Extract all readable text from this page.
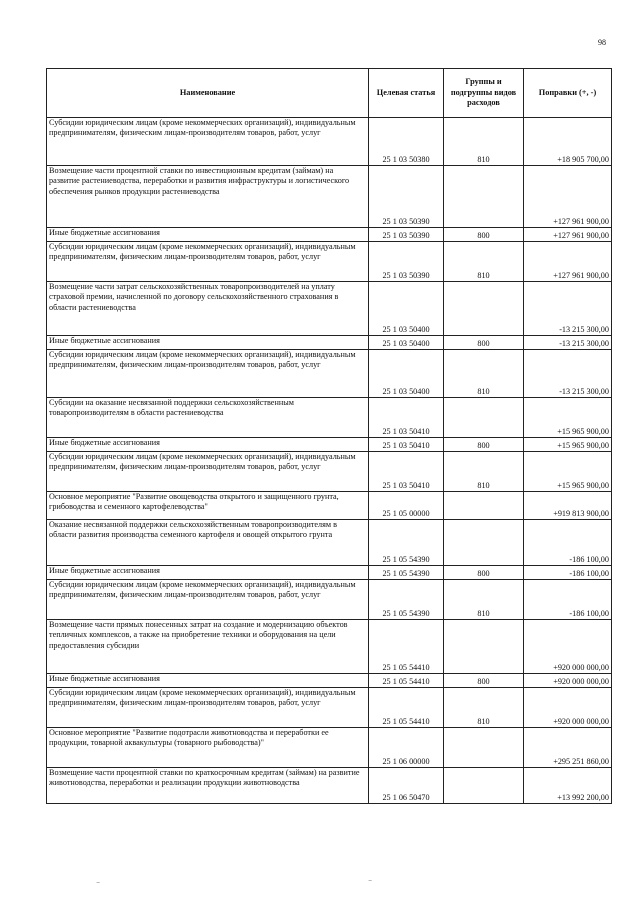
98
Наименование	Целевая статья	Группы и подгруппы видов расходов	Поправки (+, -)
Субсидии юридическим лицам (кроме некоммерческих организаций), индивидуальным предпринимателям, физическим лицам-производителям товаров, работ, услуг	25 1 03 50380	810	+18 905 700,00
Возмещение части процентной ставки по инвестиционным кредитам (займам) на развитие растениеводства, переработки и развития инфраструктуры и логистического обеспечения рынков продукции растениеводства	25 1 03 50390		+127 961 900,00
Иные бюджетные ассигнования	25 1 03 50390	800	+127 961 900,00
Субсидии юридическим лицам (кроме некоммерческих организаций), индивидуальным предпринимателям, физическим лицам-производителям товаров, работ, услуг	25 1 03 50390	810	+127 961 900,00
Возмещение части затрат сельскохозяйственных товаропроизводителей на уплату страховой премии, начисленной по договору сельскохозяйственного страхования в области растениеводства	25 1 03 50400		-13 215 300,00
Иные бюджетные ассигнования	25 1 03 50400	800	-13 215 300,00
Субсидии юридическим лицам (кроме некоммерческих организаций), индивидуальным предпринимателям, физическим лицам-производителям товаров, работ, услуг	25 1 03 50400	810	-13 215 300,00
Субсидии на оказание несвязанной поддержки сельскохозяйственным товаропроизводителям в области растениеводства	25 1 03 50410		+15 965 900,00
Иные бюджетные ассигнования	25 1 03 50410	800	+15 965 900,00
Субсидии юридическим лицам (кроме некоммерческих организаций), индивидуальным предпринимателям, физическим лицам-производителям товаров, работ, услуг	25 1 03 50410	810	+15 965 900,00
Основное мероприятие "Развитие овощеводства открытого и защищенного грунта, грибоводства и семенного картофелеводства"	25 1 05 00000		+919 813 900,00
Оказание несвязанной поддержки сельскохозяйственным товаропроизводителям в области развития производства семенного картофеля и овощей открытого грунта	25 1 05 54390		-186 100,00
Иные бюджетные ассигнования	25 1 05 54390	800	-186 100,00
Субсидии юридическим лицам (кроме некоммерческих организаций), индивидуальным предпринимателям, физическим лицам-производителям товаров, работ, услуг	25 1 05 54390	810	-186 100,00
Возмещение части прямых понесенных затрат на создание и модернизацию объектов тепличных комплексов, а также на приобретение техники и оборудования на цели предоставления субсидии	25 1 05 54410		+920 000 000,00
Иные бюджетные ассигнования	25 1 05 54410	800	+920 000 000,00
Субсидии юридическим лицам (кроме некоммерческих организаций), индивидуальным предпринимателям, физическим лицам-производителям товаров, работ, услуг	25 1 05 54410	810	+920 000 000,00
Основное мероприятие "Развитие подотрасли животноводства и переработки ее продукции, товарной аквакультуры (товарного рыбоводства)"	25 1 06 00000		+295 251 860,00
Возмещение части процентной ставки по краткосрочным кредитам (займам) на развитие животноводства, переработки и реализации продукции животноводства	25 1 06 50470		+13 992 200,00
⁻	⁻
